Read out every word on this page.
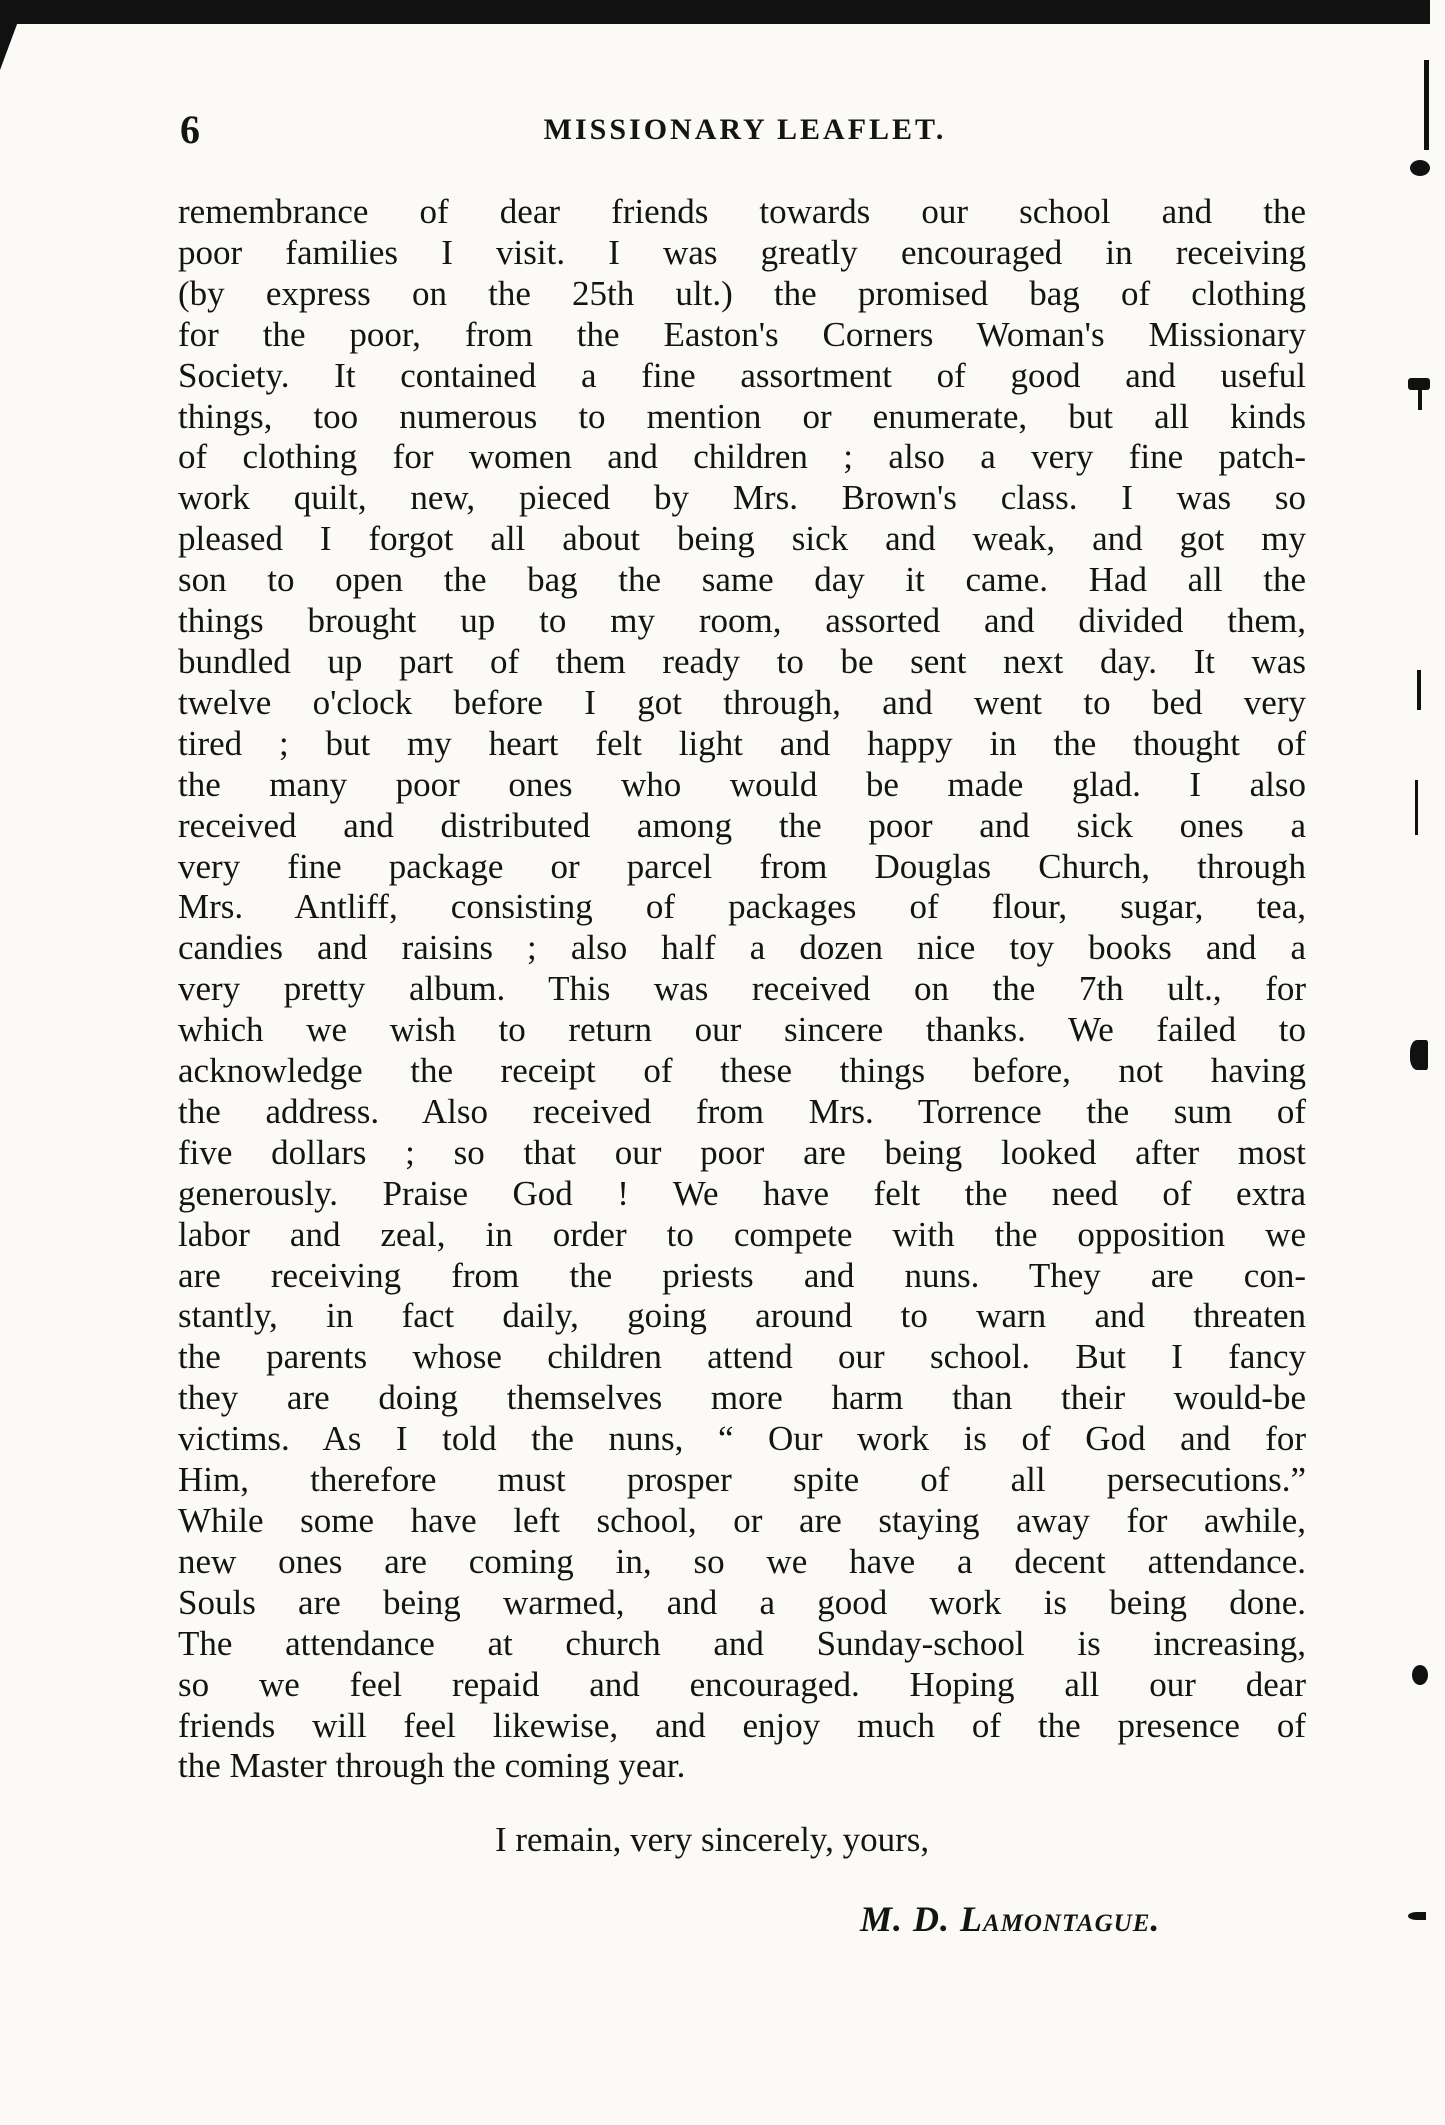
6	MISSIONARY LEAFLET.
remembrance of dear friends towards our school and the
poor families I visit. I was greatly encouraged in receiving
(by express on the 25th ult.) the promised bag of clothing
for the poor, from the Easton's Corners Woman's Missionary
Society. It contained a fine assortment of good and useful
things, too numerous to mention or enumerate, but all kinds
of clothing for women and children ; also a very fine patch-
work quilt, new, pieced by Mrs. Brown's class. I was so
pleased I forgot all about being sick and weak, and got my
son to open the bag the same day it came. Had all the
things brought up to my room, assorted and divided them,
bundled up part of them ready to be sent next day. It was
twelve o'clock before I got through, and went to bed very
tired ; but my heart felt light and happy in the thought of
the many poor ones who would be made glad. I also
received and distributed among the poor and sick ones a
very fine package or parcel from Douglas Church, through
Mrs. Antliff, consisting of packages of flour, sugar, tea,
candies and raisins ; also half a dozen nice toy books and a
very pretty album. This was received on the 7th ult., for
which we wish to return our sincere thanks. We failed to
acknowledge the receipt of these things before, not having
the address. Also received from Mrs. Torrence the sum of
five dollars ; so that our poor are being looked after most
generously. Praise God ! We have felt the need of extra
labor and zeal, in order to compete with the opposition we
are receiving from the priests and nuns. They are con-
stantly, in fact daily, going around to warn and threaten
the parents whose children attend our school. But I fancy
they are doing themselves more harm than their would-be
victims. As I told the nuns, “ Our work is of God and for
Him, therefore must prosper spite of all persecutions.”
While some have left school, or are staying away for awhile,
new ones are coming in, so we have a decent attendance.
Souls are being warmed, and a good work is being done.
The attendance at church and Sunday-school is increasing,
so we feel repaid and encouraged. Hoping all our dear
friends will feel likewise, and enjoy much of the presence of
the Master through the coming year.
I remain, very sincerely, yours,
M. D. Lamontague.
